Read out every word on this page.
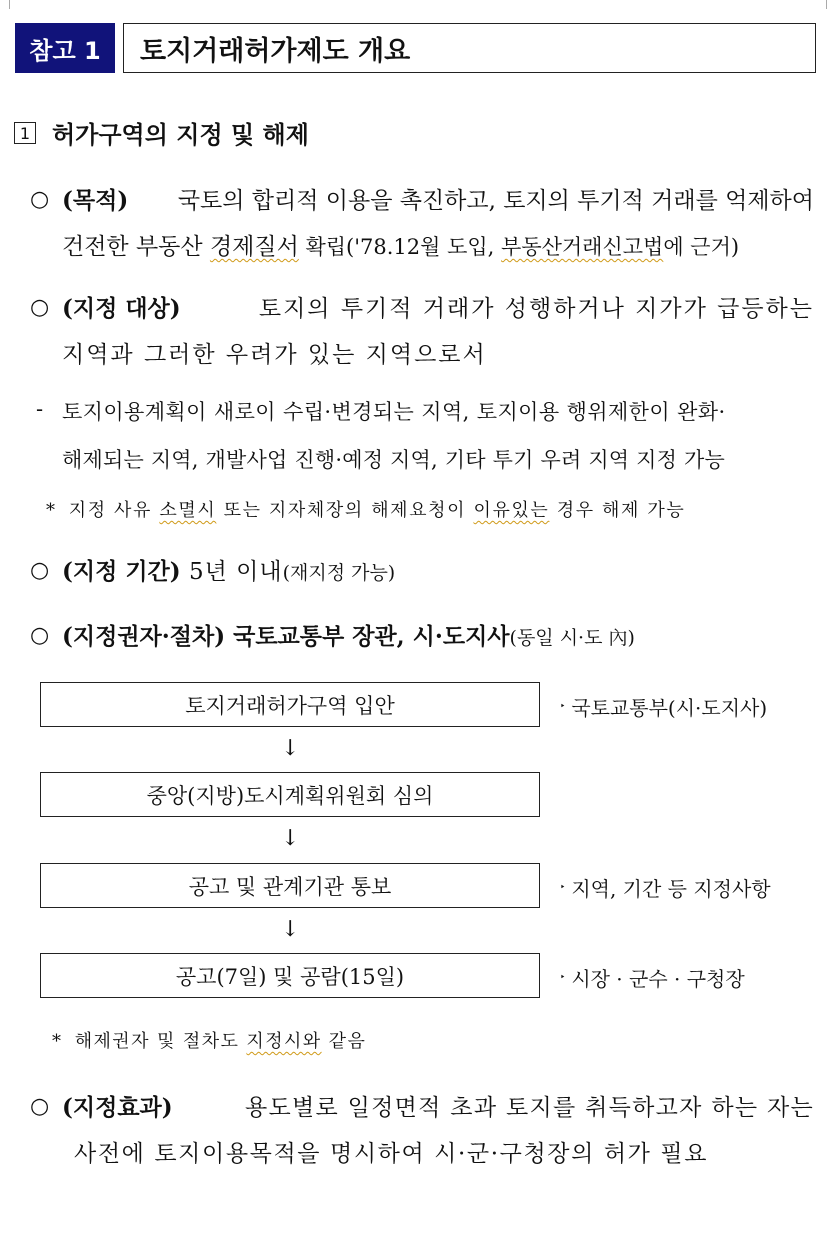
참고 1	토지거래허가제도 개요
1 허가구역의 지정 및 해제
○ (목적)	국토의 합리적 이용을 촉진하고, 토지의 투기적 거래를 억제하여
건전한 부동산 경제질서 확립('78.12월 도입, 부동산거래신고법에 근거)
○ (지정 대상)	토지의 투기적 거래가 성행하거나 지가가 급등하는
지역과 그러한 우려가 있는 지역으로서
- 토지이용계획이 새로이 수립·변경되는 지역, 토지이용 행위제한이 완화·
해제되는 지역, 개발사업 진행·예정 지역, 기타 투기 우려 지역 지정 가능
* 지정 사유 소멸시 또는 지자체장의 해제요청이 이유있는 경우 해제 가능
○ (지정 기간) 5년 이내(재지정 가능)
○ (지정권자·절차) 국토교통부 장관, 시·도지사(동일 시·도 內)
토지거래허가구역 입안	‣ 국토교통부(시·도지사)
↓
중앙(지방)도시계획위원회 심의
↓
공고 및 관계기관 통보	‣ 지역, 기간 등 지정사항
↓
공고(7일) 및 공람(15일)	‣ 시장 · 군수 · 구청장
* 해제권자 및 절차도 지정시와 같음
○ (지정효과)	용도별로 일정면적 초과 토지를 취득하고자 하는 자는
사전에 토지이용목적을 명시하여 시·군·구청장의 허가 필요
